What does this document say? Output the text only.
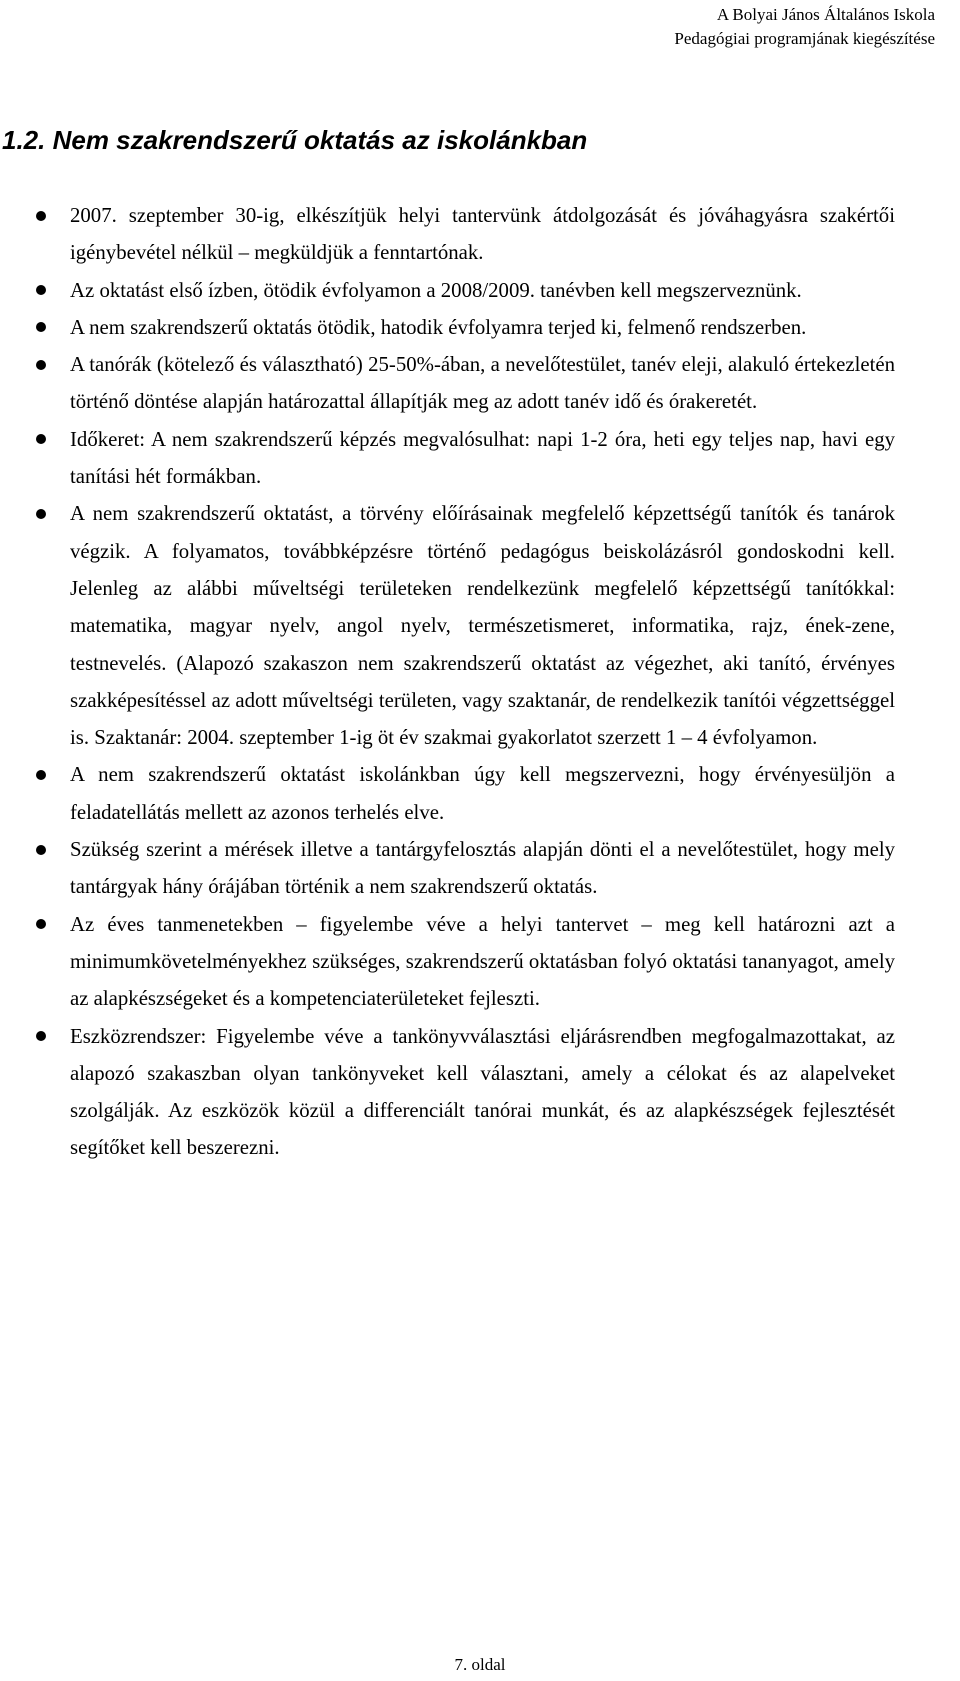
A Bolyai János Általános Iskola
Pedagógiai programjának kiegészítése
1.2. Nem szakrendszerű oktatás az iskolánkban
2007. szeptember 30-ig, elkészítjük helyi tantervünk átdolgozását és jóváhagyásra szakértői igénybevétel nélkül – megküldjük a fenntartónak.
Az oktatást első ízben, ötödik évfolyamon a 2008/2009. tanévben kell megszerveznünk.
A nem szakrendszerű oktatás ötödik, hatodik évfolyamra terjed ki, felmenő rendszerben.
A tanórák (kötelező és választható) 25-50%-ában, a nevelőtestület, tanév eleji, alakuló értekezletén történő döntése alapján határozattal állapítják meg az adott tanév idő és órakeretét.
Időkeret: A nem szakrendszerű képzés megvalósulhat: napi 1-2 óra, heti egy teljes nap, havi egy tanítási hét formákban.
A nem szakrendszerű oktatást, a törvény előírásainak megfelelő képzettségű tanítók és tanárok végzik. A folyamatos, továbbképzésre történő pedagógus beiskolázásról gondoskodni kell. Jelenleg az alábbi műveltségi területeken rendelkezünk megfelelő képzettségű tanítókkal: matematika, magyar nyelv, angol nyelv, természetismeret, informatika, rajz, ének-zene, testnevelés. (Alapozó szakaszon nem szakrendszerű oktatást az végezhet, aki tanító, érvényes szakképesítéssel az adott műveltségi területen, vagy szaktanár, de rendelkezik tanítói végzettséggel is. Szaktanár: 2004. szeptember 1-ig öt év szakmai gyakorlatot szerzett 1 – 4 évfolyamon.
A nem szakrendszerű oktatást iskolánkban úgy kell megszervezni, hogy érvényesüljön a feladatellátás mellett az azonos terhelés elve.
Szükség szerint a mérések illetve a tantárgyfelosztás alapján dönti el a nevelőtestület, hogy mely tantárgyak hány órájában történik a nem szakrendszerű oktatás.
Az éves tanmenetekben – figyelembe véve a helyi tantervet – meg kell határozni azt a minimumkövetelményekhez szükséges, szakrendszerű oktatásban folyó oktatási tananyagot, amely az alapkészségeket és a kompetenciaterületeket fejleszti.
Eszközrendszer: Figyelembe véve a tankönyvválasztási eljárásrendben megfogalmazottakat, az alapozó szakaszban olyan tankönyveket kell választani, amely a célokat és az alapelveket szolgálják. Az eszközök közül a differenciált tanórai munkát, és az alapkészségek fejlesztését segítőket kell beszerezni.
7. oldal
